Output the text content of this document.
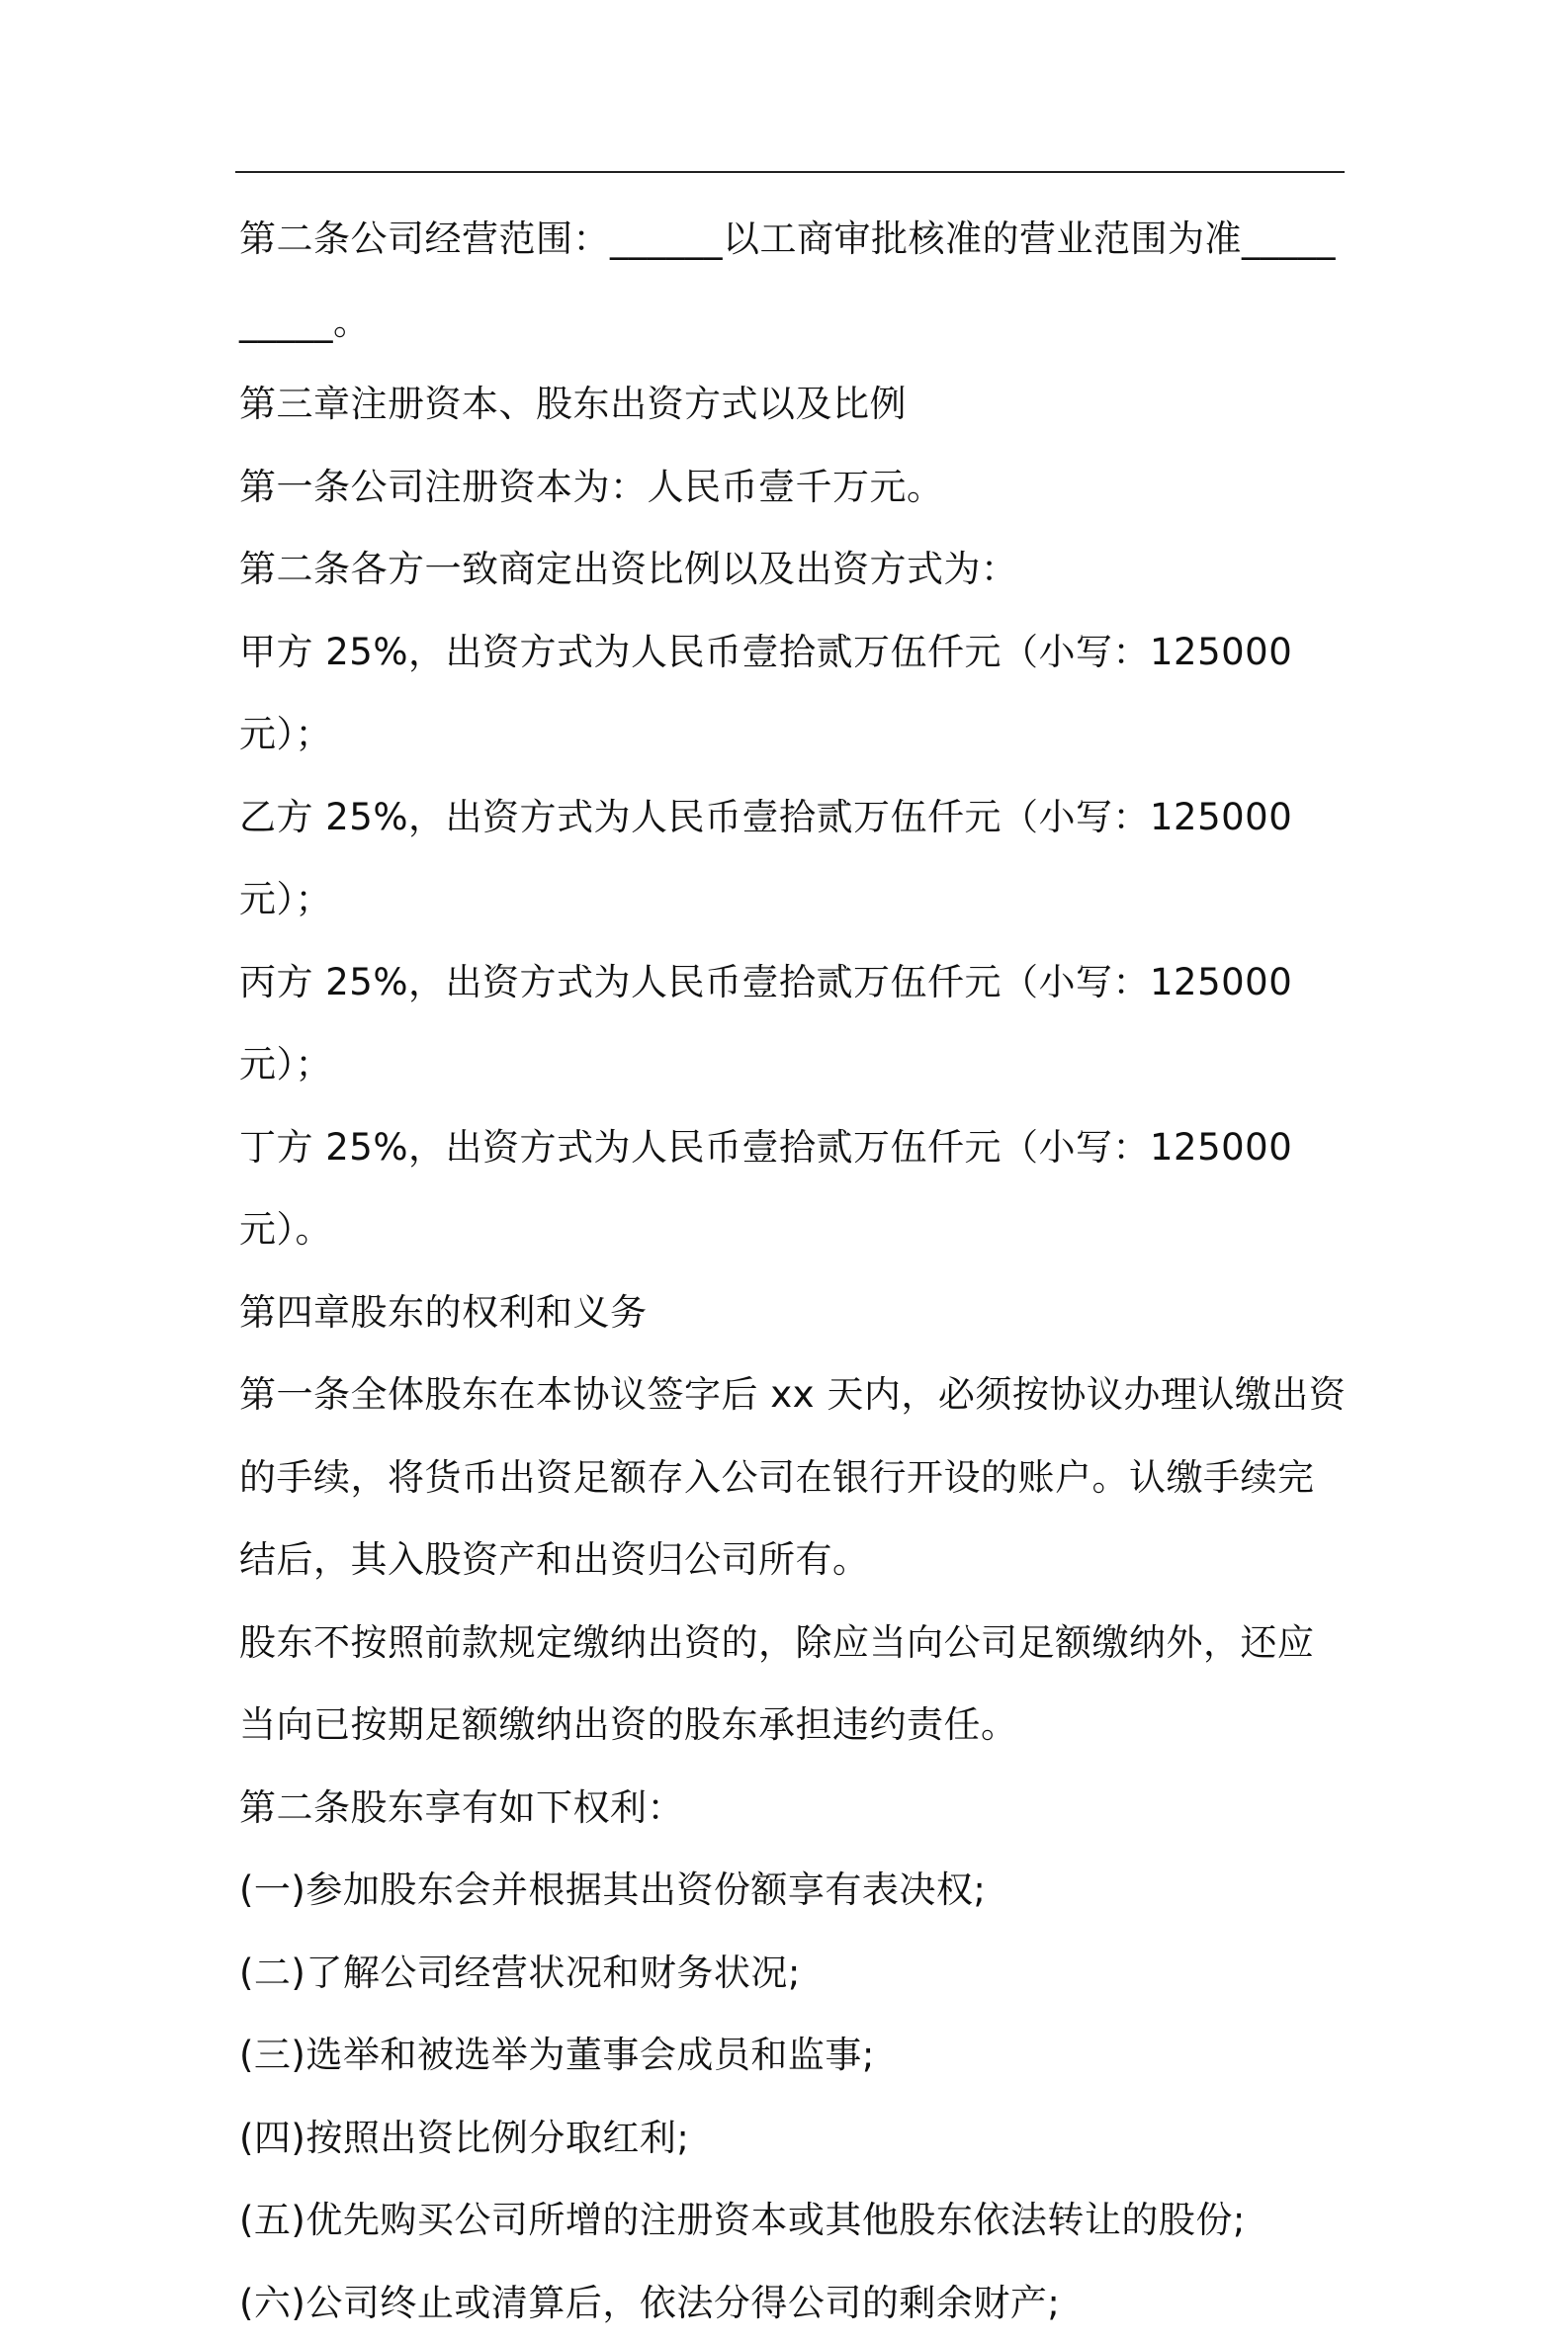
第二条公司经营范围：______以工商审批核准的营业范围为准__________。

第三章注册资本、股东出资方式以及比例

第一条公司注册资本为：人民币壹千万元。

第二条各方一致商定出资比例以及出资方式为：

甲方 25%，出资方式为人民币壹拾贰万伍仟元（小写：125000 元）；

乙方 25%，出资方式为人民币壹拾贰万伍仟元（小写：125000 元）；

丙方 25%，出资方式为人民币壹拾贰万伍仟元（小写：125000 元）；

丁方 25%，出资方式为人民币壹拾贰万伍仟元（小写：125000 元）。

第四章股东的权利和义务

第一条全体股东在本协议签字后 xx 天内，必须按协议办理认缴出资的手续，将货币出资足额存入公司在银行开设的账户。认缴手续完结后，其入股资产和出资归公司所有。

股东不按照前款规定缴纳出资的，除应当向公司足额缴纳外，还应当向已按期足额缴纳出资的股东承担违约责任。

第二条股东享有如下权利：

(一)参加股东会并根据其出资份额享有表决权;

(二)了解公司经营状况和财务状况;

(三)选举和被选举为董事会成员和监事;

(四)按照出资比例分取红利;

(五)优先购买公司所增的注册资本或其他股东依法转让的股份;

(六)公司终止或清算后，依法分得公司的剩余财产;
